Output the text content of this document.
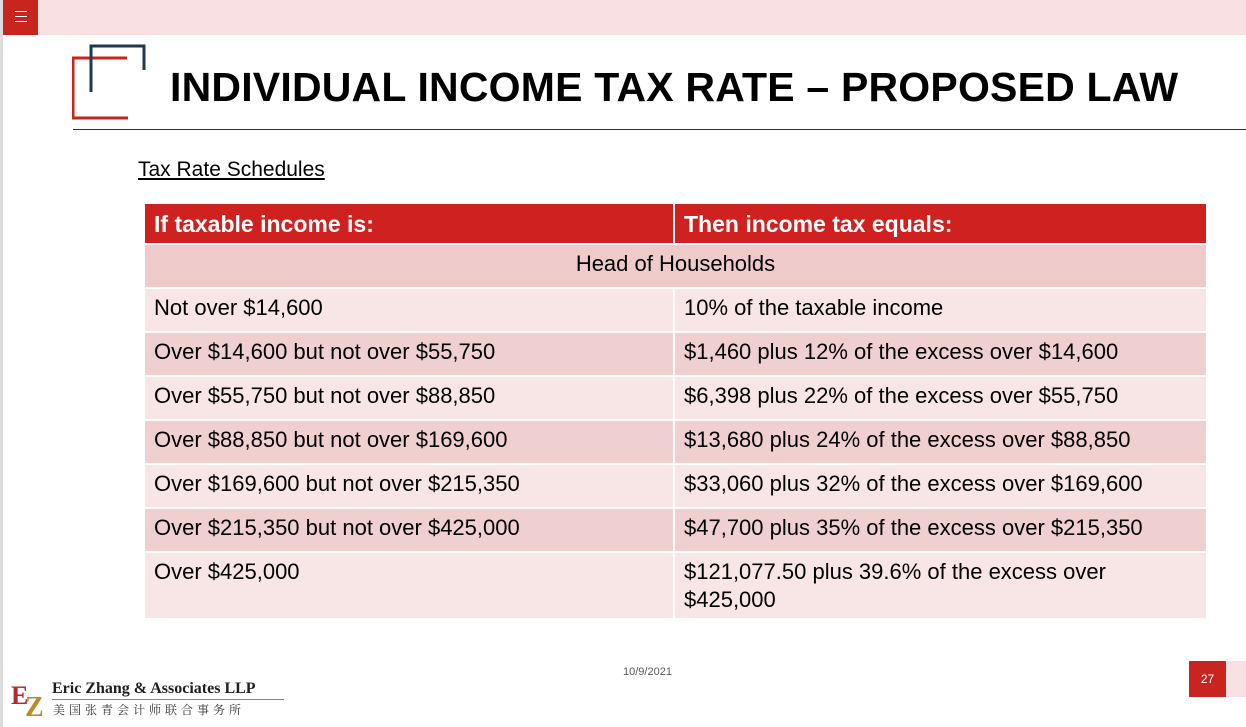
INDIVIDUAL INCOME TAX RATE – PROPOSED LAW
Tax Rate Schedules
If taxable income is:	Then income tax equals:
Head of Households	
Not over $14,600	10% of the taxable income
Over $14,600 but not over $55,750	$1,460 plus 12% of the excess over $14,600
Over $55,750 but not over $88,850	$6,398 plus 22% of the excess over $55,750
Over $88,850 but not over $169,600	$13,680 plus 24% of the excess over $88,850
Over $169,600 but not over $215,350	$33,060 plus 32% of the excess over $169,600
Over $215,350 but not over $425,000	$47,700 plus 35% of the excess over $215,350
Over $425,000	$121,077.50 plus 39.6% of the excess over $425,000
10/9/2021	27
E
Z
Eric Zhang & Associates LLP
美国张青会计师联合事务所
